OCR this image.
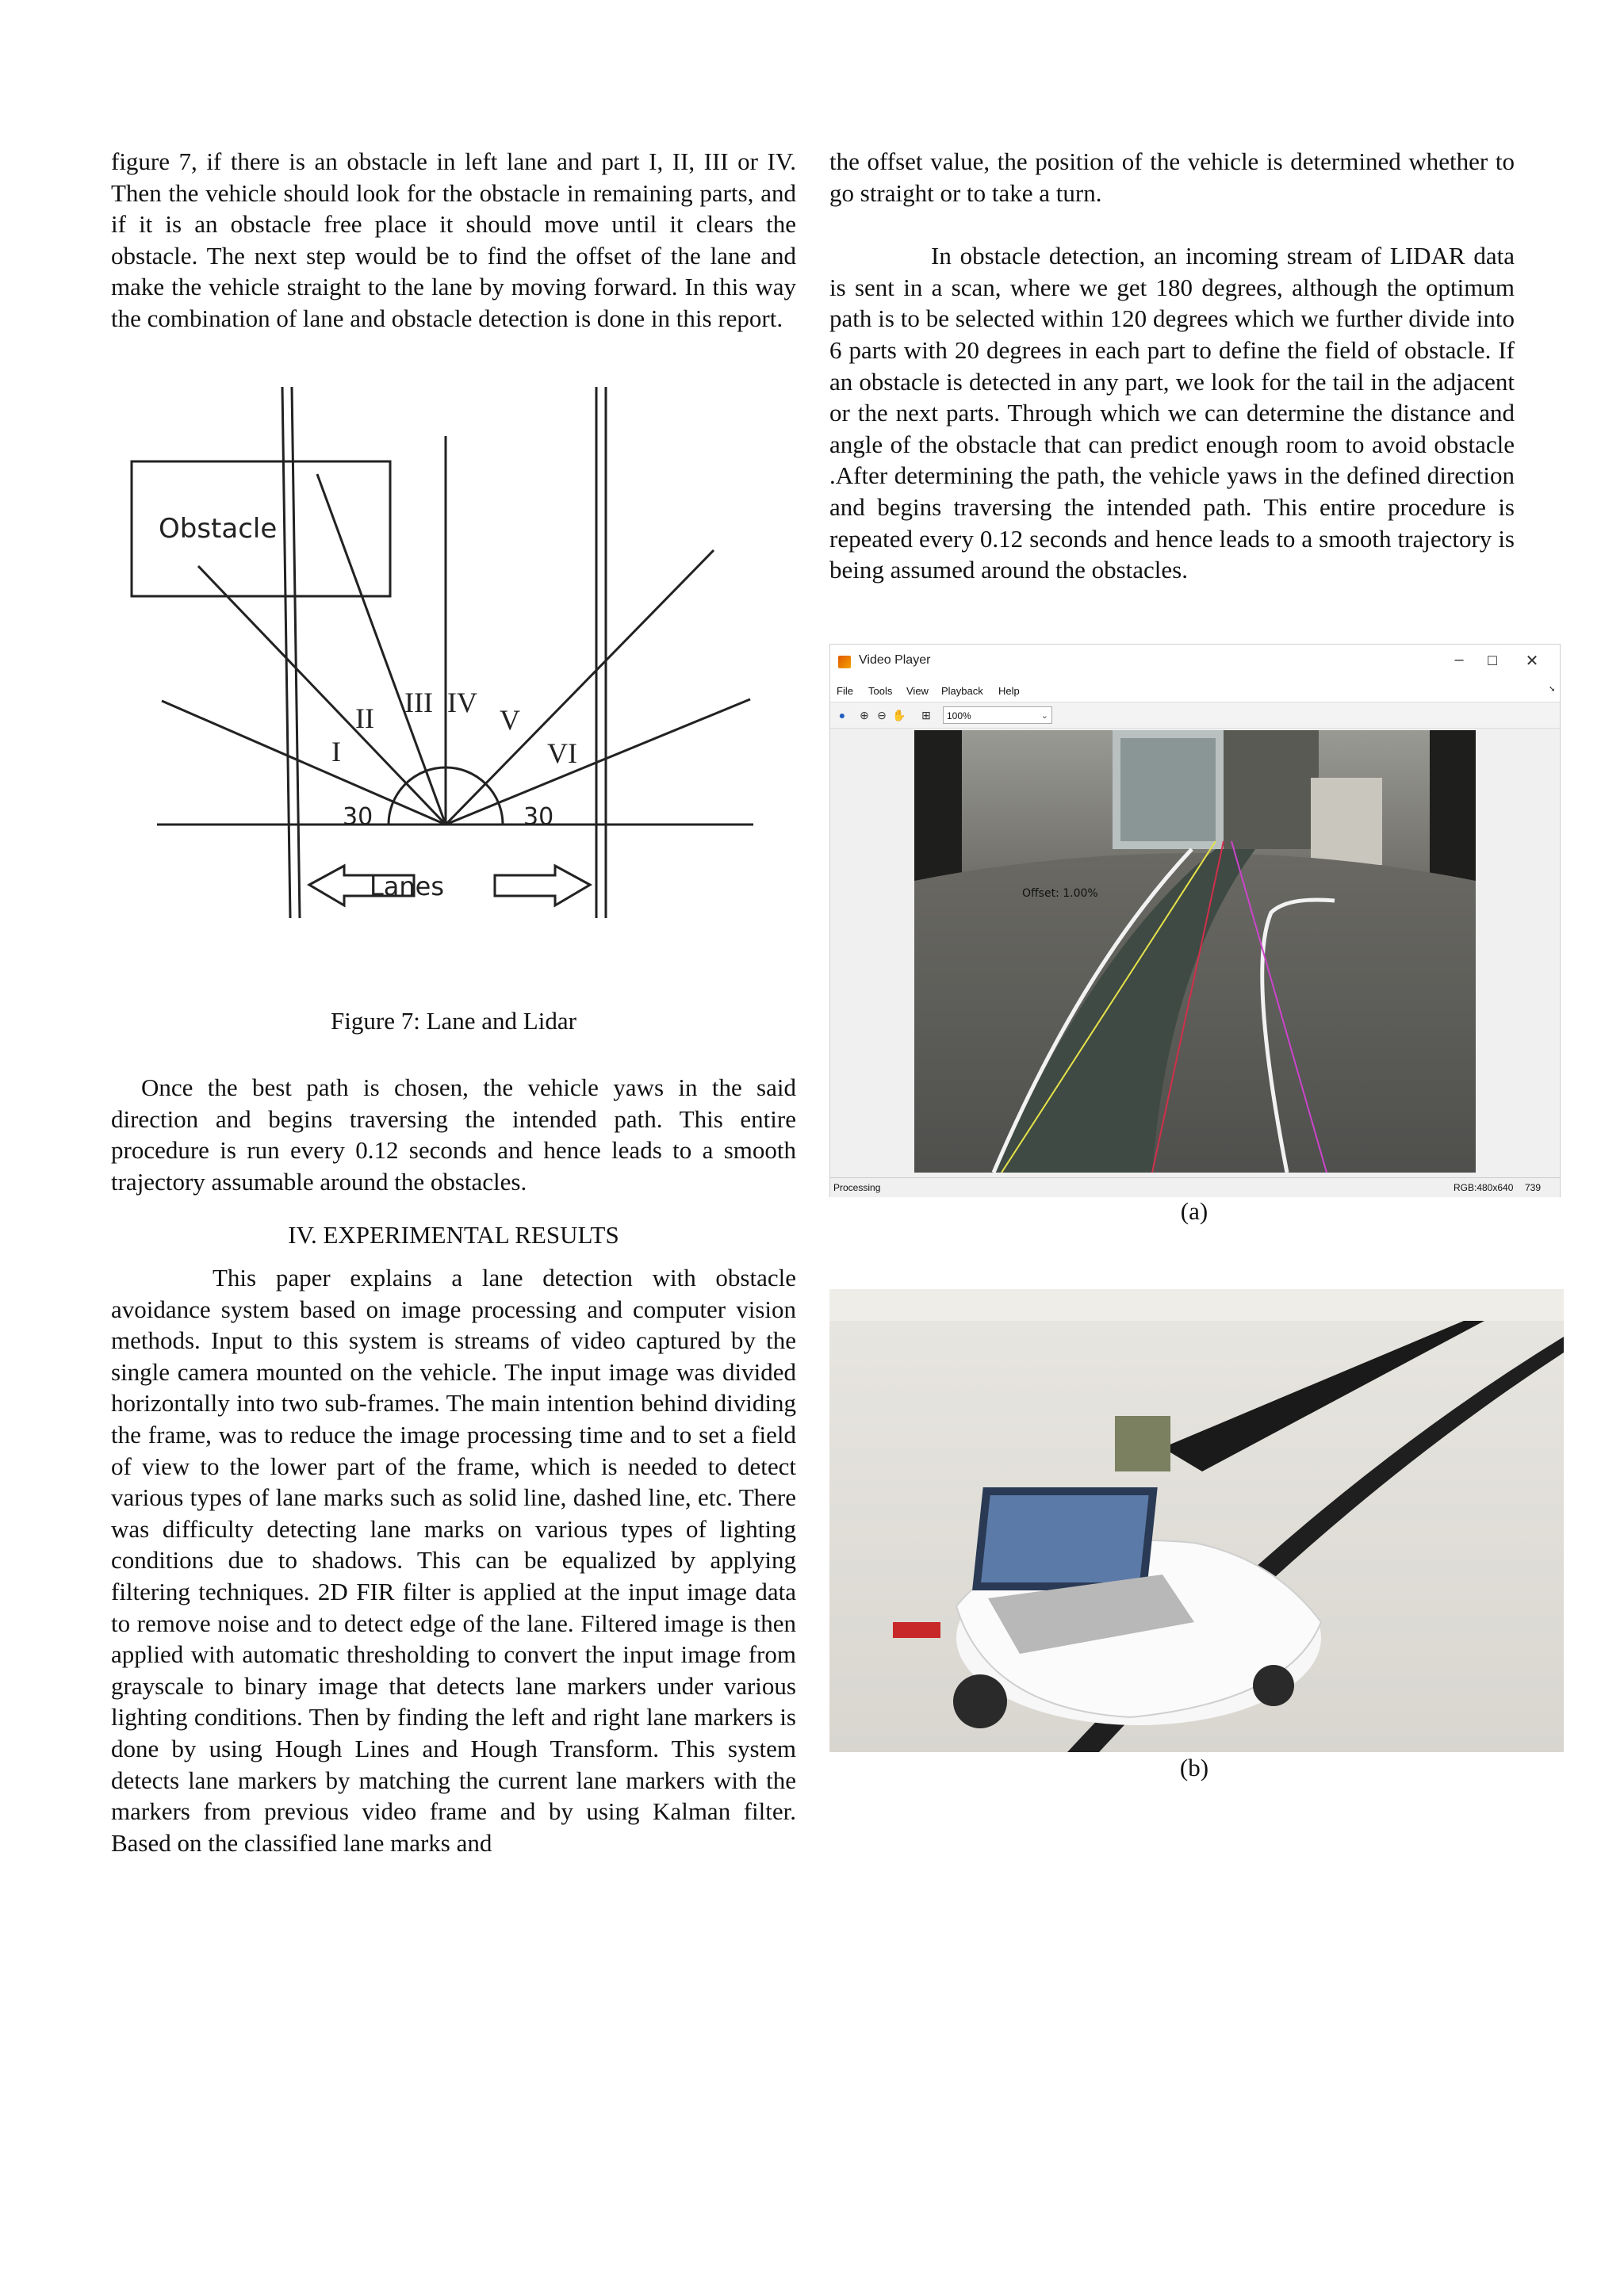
figure 7, if there is an obstacle in left lane and part I, II, III or IV. Then the vehicle should look for the obstacle in remaining parts, and if it is an obstacle free place it should move until it clears the obstacle. The next step would be to find the offset of the lane and make the vehicle straight to the lane by moving forward. In this way the combination of lane and obstacle detection is done in this report.

Obstacle
Lanes
30	30
I
II III IV
V
VI
Figure 7: Lane and Lidar

Once the best path is chosen, the vehicle yaws in the said direction and begins traversing the intended path. This entire procedure is run every 0.12 seconds and hence leads to a smooth trajectory assumable around the obstacles.

IV. EXPERIMENTAL RESULTS

This paper explains a lane detection with obstacle avoidance system based on image processing and computer vision methods. Input to this system is streams of video captured by the single camera mounted on the vehicle. The input image was divided horizontally into two sub-frames. The main intention behind dividing the frame, was to reduce the image processing time and to set a field of view to the lower part of the frame, which is needed to detect various types of lane marks such as solid line, dashed line, etc. There was difficulty detecting lane marks on various types of lighting conditions due to shadows. This can be equalized by applying filtering techniques. 2D FIR filter is applied at the input image data to remove noise and to detect edge of the lane. Filtered image is then applied with automatic thresholding to convert the input image from grayscale to binary image that detects lane markers under various lighting conditions. Then by finding the left and right lane markers is done by using Hough Lines and Hough Transform. This system detects lane markers by matching the current lane markers with the markers from previous video frame and by using Kalman filter. Based on the classified lane marks and

the offset value, the position of the vehicle is determined whether to go straight or to take a turn.

In obstacle detection, an incoming stream of LIDAR data is sent in a scan, where we get 180 degrees, although the optimum path is to be selected within 120 degrees which we further divide into 6 parts with 20 degrees in each part to define the field of obstacle. If an obstacle is detected in any part, we look for the tail in the adjacent or the next parts. Through which we can determine the distance and angle of the obstacle that can predict enough room to avoid obstacle .After determining the path, the vehicle yaws in the defined direction and begins traversing the intended path. This entire procedure is repeated every 0.12 seconds and hence leads to a smooth trajectory is being assumed around the obstacles.

Video Player	–	☐	✕
File Tools View Playback Help	➘
●	⊕ ⊖ ✋ ⊞	100%	⌄
Offset: 1.00%
Processing	RGB:480x640 739
(a)
(b)
